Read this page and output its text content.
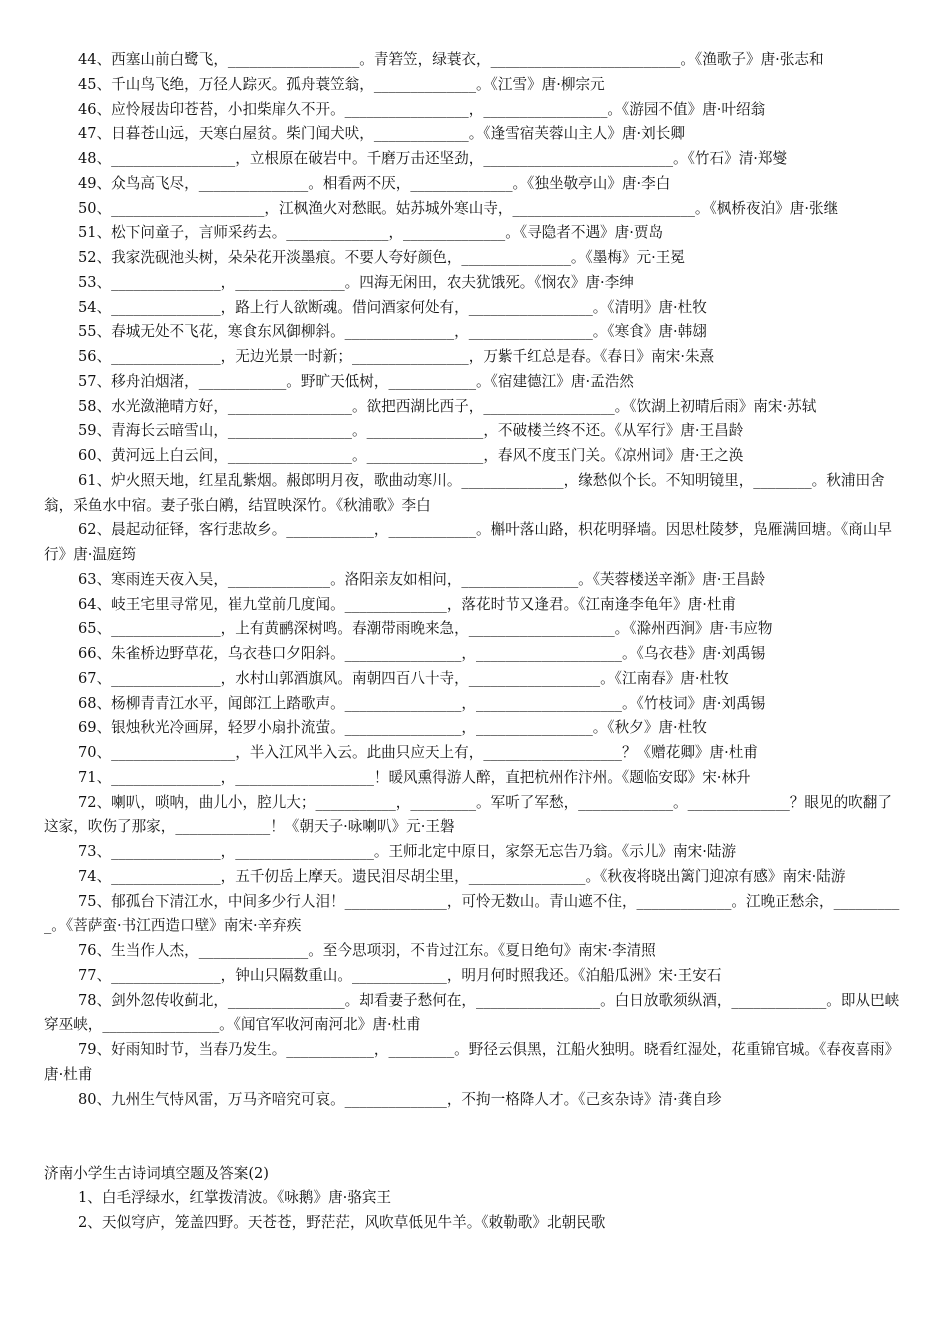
44、西塞山前白鹭飞，__________________。青箬笠，绿蓑衣，__________________________。《渔歌子》唐·张志和
45、千山鸟飞绝，万径人踪灭。孤舟蓑笠翁，______________。《江雪》唐·柳宗元
46、应怜屐齿印苍苔，小扣柴扉久不开。_________________，_________________。《游园不值》唐·叶绍翁
47、日暮苍山远，天寒白屋贫。柴门闻犬吠，_____________。《逢雪宿芙蓉山主人》唐·刘长卿
48、_________________，立根原在破岩中。千磨万击还坚劲，__________________________。《竹石》清·郑燮
49、众鸟高飞尽，_______________。相看两不厌，______________。《独坐敬亭山》唐·李白
50、_____________________，江枫渔火对愁眠。姑苏城外寒山寺，_________________________。《枫桥夜泊》唐·张继
51、松下问童子，言师采药去。______________，______________。《寻隐者不遇》唐·贾岛
52、我家洗砚池头树，朵朵花开淡墨痕。不要人夸好颜色，_______________。《墨梅》元·王冕
53、_______________，_______________。四海无闲田，农夫犹饿死。《悯农》唐·李绅
54、_______________，路上行人欲断魂。借问酒家何处有，_________________。《清明》唐·杜牧
55、春城无处不飞花，寒食东风御柳斜。_______________，_________________。《寒食》唐·韩翃
56、_______________，无边光景一时新；________________，万紫千红总是春。《春日》南宋·朱熹
57、移舟泊烟渚，____________。野旷天低树，____________。《宿建德江》唐·孟浩然
58、水光潋滟晴方好，_________________。欲把西湖比西子，__________________。《饮湖上初晴后雨》南宋·苏轼
59、青海长云暗雪山，_________________。________________，不破楼兰终不还。《从军行》唐·王昌龄
60、黄河远上白云间，_________________。________________，春风不度玉门关。《凉州词》唐·王之涣
61、炉火照天地，红星乱紫烟。赧郎明月夜，歌曲动寒川。______________，缘愁似个长。不知明镜里，________。秋浦田舍翁，采鱼水中宿。妻子张白鹇，结罝映深竹。《秋浦歌》李白
62、晨起动征铎，客行悲故乡。____________，____________。槲叶落山路，枳花明驿墙。因思杜陵梦，凫雁满回塘。《商山早行》唐·温庭筠
63、寒雨连天夜入吴，______________。洛阳亲友如相问，________________。《芙蓉楼送辛渐》唐·王昌龄
64、岐王宅里寻常见，崔九堂前几度闻。______________，落花时节又逢君。《江南逢李龟年》唐·杜甫
65、_______________，上有黄鹂深树鸣。春潮带雨晚来急，____________________。《滁州西涧》唐·韦应物
66、朱雀桥边野草花，乌衣巷口夕阳斜。________________，____________________。《乌衣巷》唐·刘禹锡
67、_______________，水村山郭酒旗风。南朝四百八十寺，__________________。《江南春》唐·杜牧
68、杨柳青青江水平，闻郎江上踏歌声。________________，____________________。《竹枝词》唐·刘禹锡
69、银烛秋光冷画屏，轻罗小扇扑流萤。________________，________________。《秋夕》唐·杜牧
70、_________________，半入江风半入云。此曲只应天上有，___________________？《赠花卿》唐·杜甫
71、_______________，___________________！暖风熏得游人醉，直把杭州作汴州。《题临安邸》宋·林升
72、喇叭，唢呐，曲儿小，腔儿大；___________，_________。军听了军愁，_____________。______________？眼见的吹翻了这家，吹伤了那家，_____________！《朝天子·咏喇叭》元·王磐
73、_______________，___________________。王师北定中原日，家祭无忘告乃翁。《示儿》南宋·陆游
74、_______________，五千仞岳上摩天。遗民泪尽胡尘里，________________。《秋夜将晓出篱门迎凉有感》南宋·陆游
75、郁孤台下清江水，中间多少行人泪！______________，可怜无数山。青山遮不住，_____________。江晚正愁余，__________。《菩萨蛮·书江西造口壁》南宋·辛弃疾
76、生当作人杰，_______________。至今思项羽，不肯过江东。《夏日绝句》南宋·李清照
77、_______________，钟山只隔数重山。_____________，明月何时照我还。《泊船瓜洲》宋·王安石
78、剑外忽传收蓟北，________________。却看妻子愁何在，_________________。白日放歌须纵酒，_____________。即从巴峡穿巫峡，________________。《闻官军收河南河北》唐·杜甫
79、好雨知时节，当春乃发生。____________，_________。野径云俱黑，江船火独明。晓看红湿处，花重锦官城。《春夜喜雨》唐·杜甫
80、九州生气恃风雷，万马齐喑究可哀。______________，不拘一格降人才。《己亥杂诗》清·龚自珍
济南小学生古诗词填空题及答案(2)
1、白毛浮绿水，红掌拨清波。《咏鹅》唐·骆宾王
2、天似穹庐，笼盖四野。天苍苍，野茫茫，风吹草低见牛羊。《敕勒歌》北朝民歌
